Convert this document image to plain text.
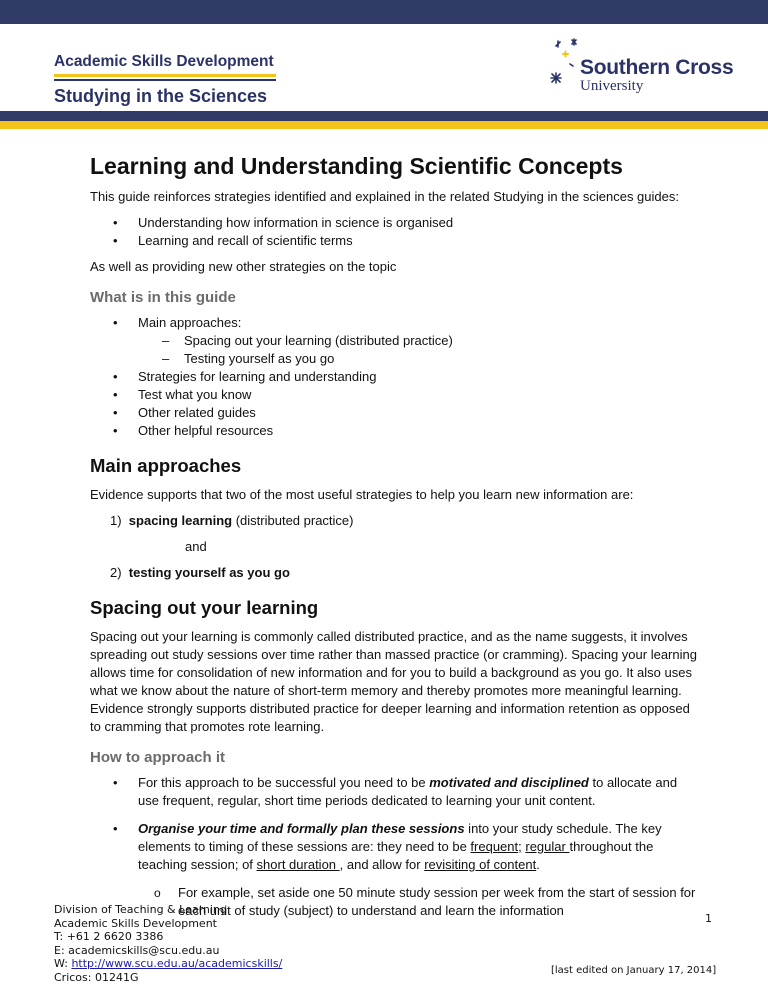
Academic Skills Development
Studying in the Sciences
Southern Cross
University
Learning and Understanding Scientific Concepts

This guide reinforces strategies identified and explained in the related Studying in the sciences guides:

• Understanding how information in science is organised
• Learning and recall of scientific terms

As well as providing new other strategies on the topic

What is in this guide
• Main approaches:
– Spacing out your learning (distributed practice)
– Testing yourself as you go
• Strategies for learning and understanding
• Test what you know
• Other related guides
• Other helpful resources
Main approaches

Evidence supports that two of the most useful strategies to help you learn new information are:

1) spacing learning (distributed practice)
and
2) testing yourself as you go
Spacing out your learning

Spacing out your learning is commonly called distributed practice, and as the name suggests, it involves spreading out study sessions over time rather than massed practice (or cramming). Spacing your learning allows time for consolidation of new information and for you to build a background as you go. It also uses what we know about the nature of short-term memory and thereby promotes more meaningful learning. Evidence strongly supports distributed practice for deeper learning and information retention as opposed to cramming that promotes rote learning.

How to approach it
• For this approach to be successful you need to be motivated and disciplined to allocate and use frequent, regular, short time periods dedicated to learning your unit content.
• Organise your time and formally plan these sessions into your study schedule. The key elements to timing of these sessions are: they need to be frequent; regular throughout the teaching session; of short duration , and allow for revisiting of content.
o For example, set aside one 50 minute study session per week from the start of session for each unit of study (subject) to understand and learn the information
Division of Teaching & Learning
Academic Skills Development
T: +61 2 6620 3386
E: academicskills@scu.edu.au
W: http://www.scu.edu.au/academicskills/
Cricos: 01241G
1
[last edited on January 17, 2014]
